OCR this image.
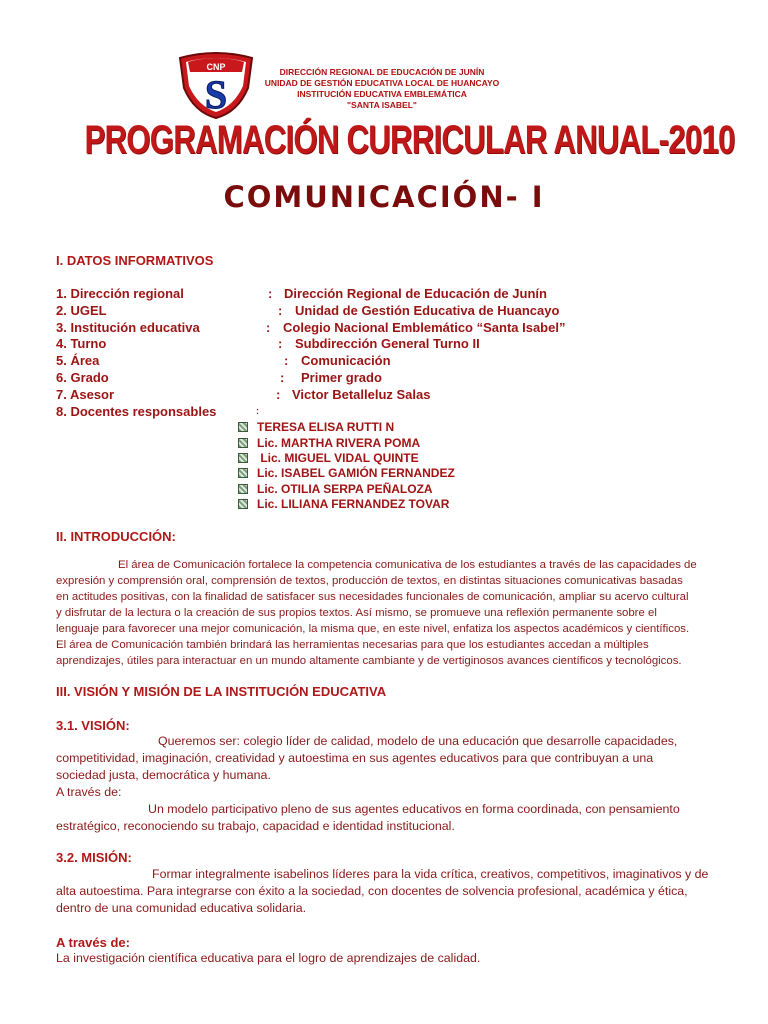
CNP
S	DIRECCIÓN REGIONAL DE EDUCACIÓN DE JUNÍN
UNIDAD DE GESTIÓN EDUCATIVA LOCAL DE HUANCAYO
INSTITUCIÓN EDUCATIVA EMBLEMÁTICA
"SANTA ISABEL"
PROGRAMACIÓN CURRICULAR ANUAL-2010
COMUNICACIÓN- I
I. DATOS INFORMATIVOS
1. Dirección regional	: Dirección Regional de Educación de Junín
2. UGEL	: Unidad de Gestión Educativa de Huancayo
3. Institución educativa	: Colegio Nacional Emblemático “Santa Isabel”
4. Turno	: Subdirección General Turno II
5. Área	: Comunicación
6. Grado	: Primer grado
7. Asesor	: Victor Betalleluz Salas
8. Docentes responsables	:
TERESA ELISA RUTTI N
Lic. MARTHA RIVERA POMA
Lic. MIGUEL VIDAL QUINTE
Lic. ISABEL GAMIÓN FERNANDEZ
Lic. OTILIA SERPA PEÑALOZA
Lic. LILIANA FERNANDEZ TOVAR
II. INTRODUCCIÓN:
El área de Comunicación fortalece la competencia comunicativa de los estudiantes a través de las capacidades de
expresión y comprensión oral, comprensión de textos, producción de textos, en distintas situaciones comunicativas basadas
en actitudes positivas, con la finalidad de satisfacer sus necesidades funcionales de comunicación, ampliar su acervo cultural
y disfrutar de la lectura o la creación de sus propios textos. Así mismo, se promueve una reflexión permanente sobre el
lenguaje para favorecer una mejor comunicación, la misma que, en este nivel, enfatiza los aspectos académicos y científicos.
El área de Comunicación también brindará las herramientas necesarias para que los estudiantes accedan a múltiples
aprendizajes, útiles para interactuar en un mundo altamente cambiante y de vertiginosos avances científicos y tecnológicos.
III. VISIÓN Y MISIÓN DE LA INSTITUCIÓN EDUCATIVA
3.1. VISIÓN:
Queremos ser: colegio líder de calidad, modelo de una educación que desarrolle capacidades,
competitividad, imaginación, creatividad y autoestima en sus agentes educativos para que contribuyan a una
sociedad justa, democrática y humana.
A través de:
Un modelo participativo pleno de sus agentes educativos en forma coordinada, con pensamiento
estratégico, reconociendo su trabajo, capacidad e identidad institucional.
3.2. MISIÓN:
Formar integralmente isabelinos líderes para la vida crítica, creativos, competitivos, imaginativos y de
alta autoestima. Para integrarse con éxito a la sociedad, con docentes de solvencia profesional, académica y ética,
dentro de una comunidad educativa solidaria.
A través de:
La investigación científica educativa para el logro de aprendizajes de calidad.
